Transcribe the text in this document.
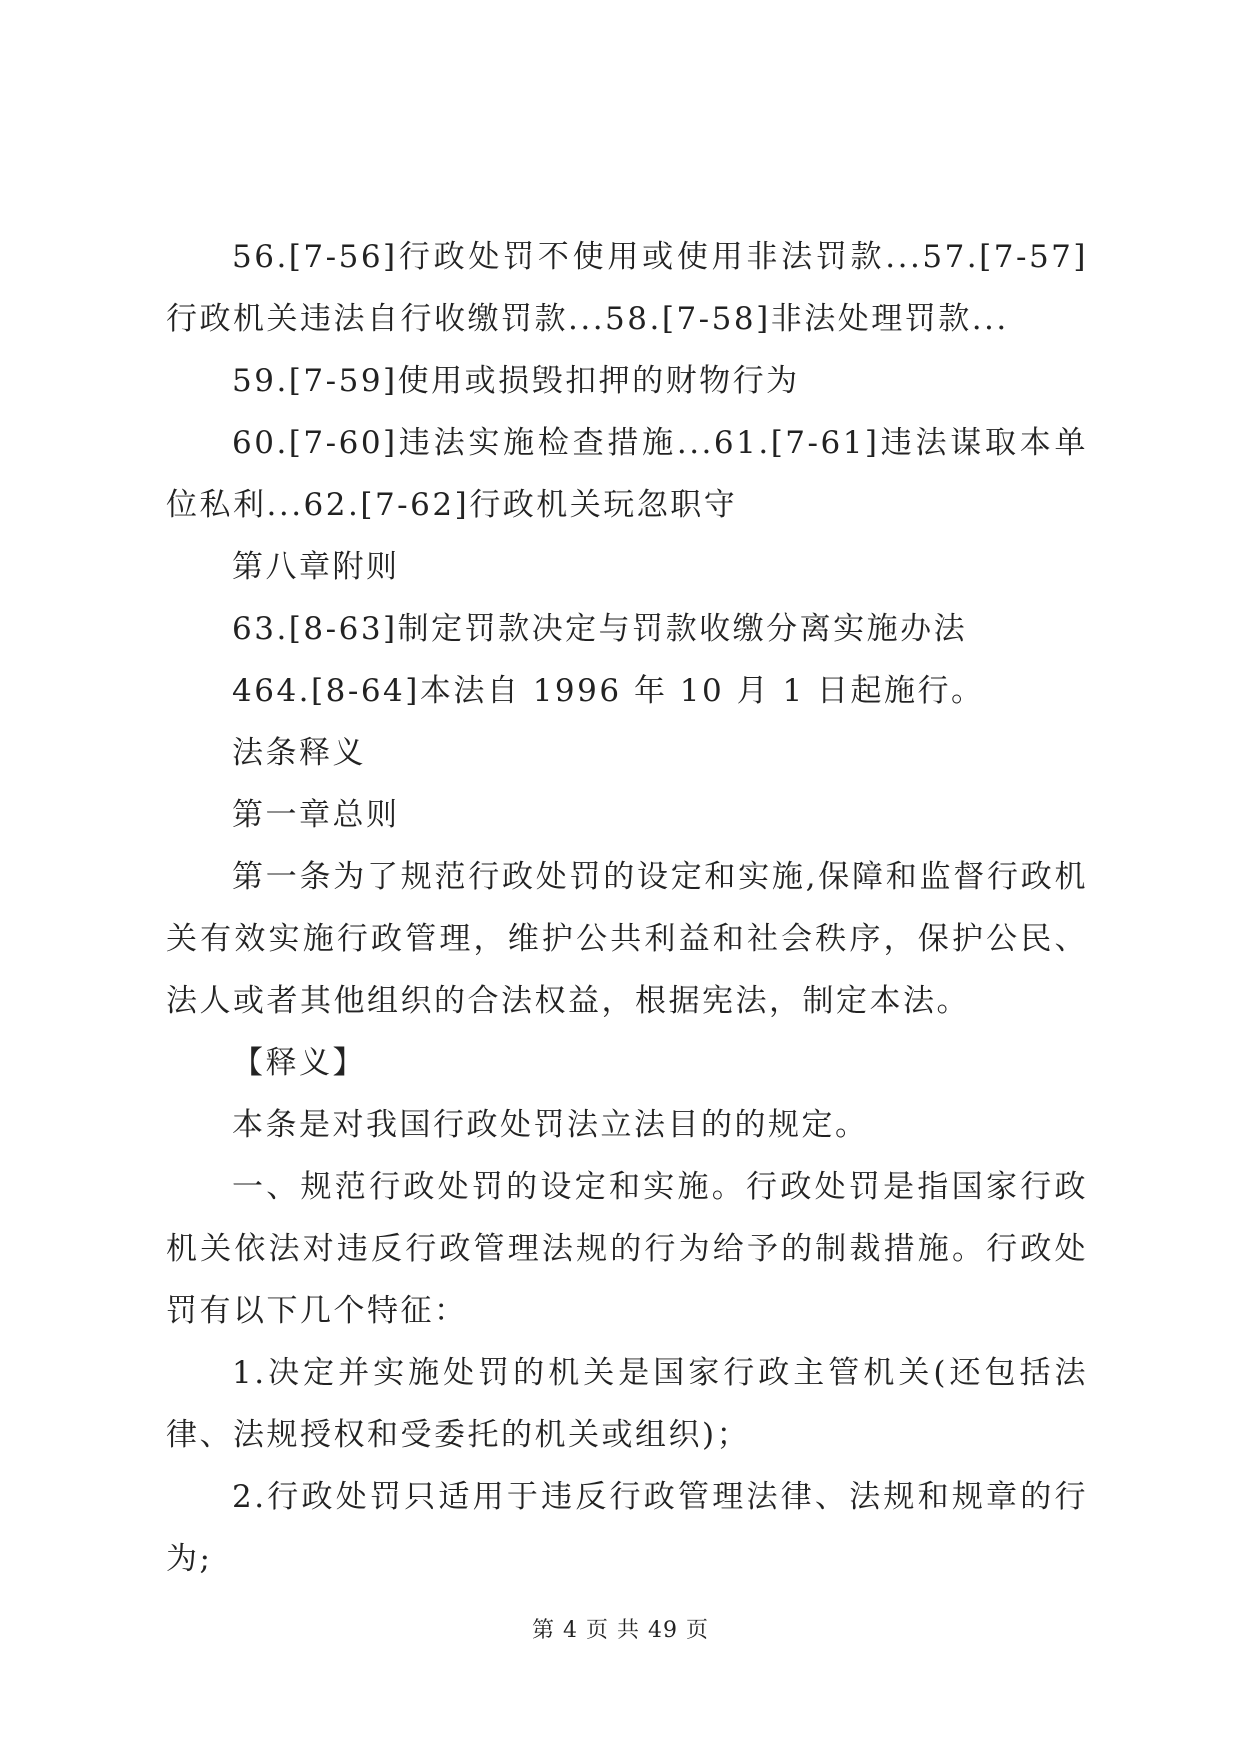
56.[7-56]行政处罚不使用或使用非法罚款...57.[7-57]行政机关违法自行收缴罚款...58.[7-58]非法处理罚款...

59.[7-59]使用或损毁扣押的财物行为

60.[7-60]违法实施检查措施...61.[7-61]违法谋取本单位私利...62.[7-62]行政机关玩忽职守

第八章附则

63.[8-63]制定罚款决定与罚款收缴分离实施办法

464.[8-64]本法自 1996 年 10 月 1 日起施行。

法条释义

第一章总则

第一条为了规范行政处罚的设定和实施,保障和监督行政机关有效实施行政管理，维护公共利益和社会秩序，保护公民、法人或者其他组织的合法权益，根据宪法，制定本法。

【释义】

本条是对我国行政处罚法立法目的的规定。

一、规范行政处罚的设定和实施。行政处罚是指国家行政机关依法对违反行政管理法规的行为给予的制裁措施。行政处罚有以下几个特征：

1.决定并实施处罚的机关是国家行政主管机关(还包括法律、法规授权和受委托的机关或组织)；

2.行政处罚只适用于违反行政管理法律、法规和规章的行为;

第 4 页 共 49 页
